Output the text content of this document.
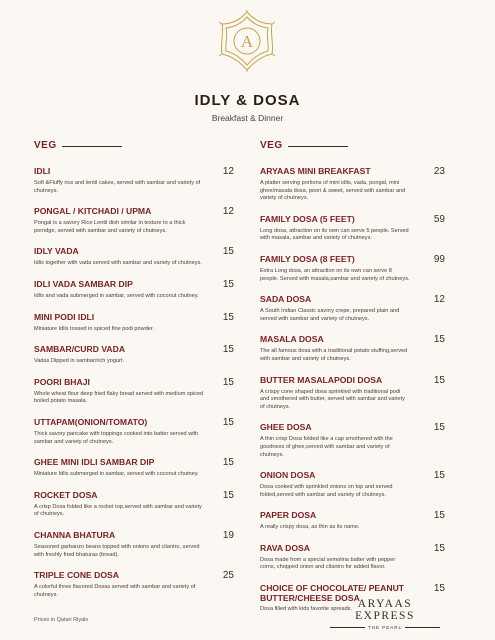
A
IDLY & DOSA
Breakfast & Dinner
VEG
IDLI	12
Soft &Fluffy rice and lentil cakes, served with sambar and variety of chutneys.
PONGAL / KITCHADI / UPMA	12
Pongal is a savory Rice Lentil dish similar in texture to a thick porridge, served with sambar and variety of chutneys.
IDLY VADA	15
Idlis together with vada served with sambar and variety of chutneys.
IDLI VADA SAMBAR DIP	15
Idlis and vada submerged in sambar, served with coconut chutney.
MINI PODI IDLI	15
Miniature Idlis tossed in spiced fine podi powder.
SAMBAR/CURD VADA	15
Vadas Dipped in sambar/rich yogurt.
POORI BHAJI	15
Whole wheat flour deep fried flaky bread served with medium spiced boiled potato masala.
UTTAPAM(ONION/TOMATO)	15
Thick savory pancake with toppings cooked into batter served with sambar and variety of chutneys.
GHEE MINI IDLI SAMBAR DIP	15
Miniature Idlis submerged in sambar, served with coconut chutney.
ROCKET DOSA	15
A crisp Dosa folded like a rocket top,served with sambar and variety of chutneys.
CHANNA BHATURA	19
Seasoned garbanzo beans topped with onions and cilantro, served with freshly fried bhaturas (bread).
TRIPLE CONE DOSA	25
A colorful three flavored Dosas served with sambar and variety of chutneys.
VEG
ARYAAS MINI BREAKFAST	23
A platter serving portions of mini idlis, vada, pongal, mini ghee/masala dosa, poori & sweet, served with sambar and variety of chutneys.
FAMILY DOSA (5 FEET)	59
Long dosa, attraction on its own can serve 5 people. Served with masala, sambar and variety of chutneys.
FAMILY DOSA (8 FEET)	99
Extra Long dosa, an attraction on its own can serve 8 people. Served with masala,sambar and variety of chutneys.
SADA DOSA	12
A South Indian Classic savory crepe, prepared plain and served with sambar and variety of chutneys.
MASALA DOSA	15
The all famous dosa with a traditional potato stuffing,served with sambar and variety of chutneys.
BUTTER MASALAPODI DOSA	15
A crispy cone shaped dosa sprinkled with traditional podi and smothered with butter, served with sambar and variety of chutneys.
GHEE DOSA	15
A thin crisp Dosa folded like a cap smothered with the goodness of ghee,served with sambar and variety of chutneys.
ONION DOSA	15
Dosa cooked with sprinkled onions on top and served folded,served with sambar and variety of chutneys.
PAPER DOSA	15
A really crispy dosa, as thin as its name.
RAVA DOSA	15
Dosa made from a special semolina batter with pepper corns, chopped onion and cilantro for added flavor.
CHOICE OF CHOCOLATE/ PEANUT BUTTER/CHEESE DOSA
15
Dosa filled with kids favorite spreads.
Prices in Qatari Riyals
ARYAAS EXPRESS
THE PEARL
